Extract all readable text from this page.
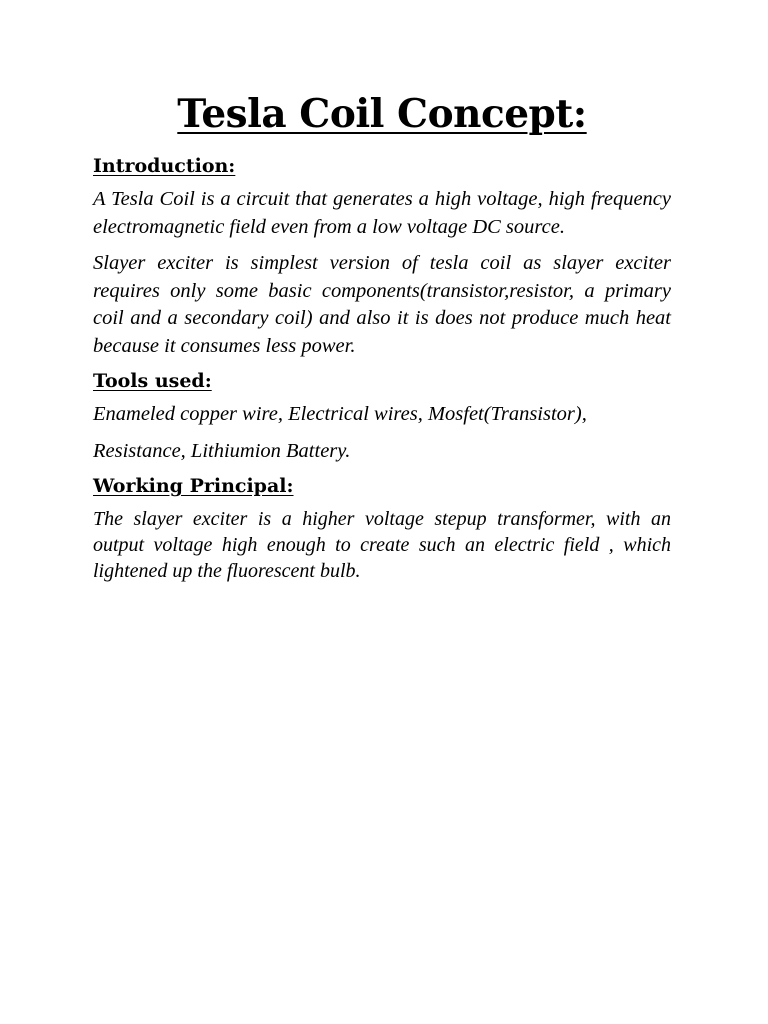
Tesla Coil Concept:
Introduction:

A Tesla Coil is a circuit that generates a high voltage, high frequency electromagnetic field even from a low voltage DC source.

Slayer exciter is simplest version of tesla coil as slayer exciter requires only some basic components(transistor,resistor, a primary coil and a secondary coil) and also it is does not produce much heat because it consumes less power.

Tools used:

Enameled copper wire, Electrical wires, Mosfet(Transistor),

Resistance, Lithiumion Battery.

Working Principal:

The slayer exciter is a higher voltage stepup transformer, with an output voltage high enough to create such an electric field , which lightened up the fluorescent bulb.
